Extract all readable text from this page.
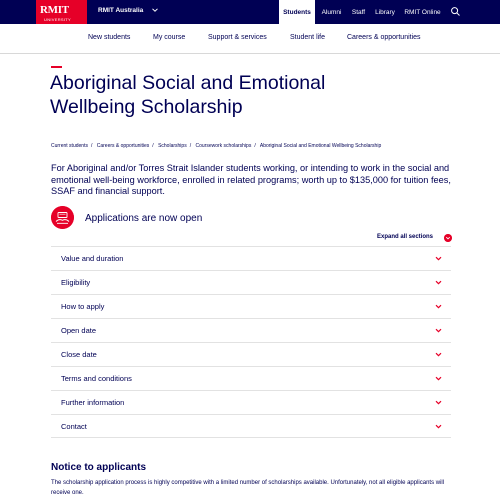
RMIT
UNIVERSITY
RMIT Australia	Students	Alumni	Staff	Library	RMIT Online
New students	My course	Support & services	Student life	Careers & opportunities
Aboriginal Social and Emotional Wellbeing Scholarship
Current students / Careers & opportunities / Scholarships / Coursework scholarships / Aboriginal Social and Emotional Wellbeing Scholarship

For Aboriginal and/or Torres Strait Islander students working, or intending to work in the social and emotional well-being workforce, enrolled in related programs; worth up to $135,000 for tuition fees, SSAF and financial support.

Applications are now open
Expand all sections
Value and duration
Eligibility
How to apply
Open date
Close date
Terms and conditions
Further information
Contact
Notice to applicants

The scholarship application process is highly competitive with a limited number of scholarships available. Unfortunately, not all eligible applicants will receive one.
